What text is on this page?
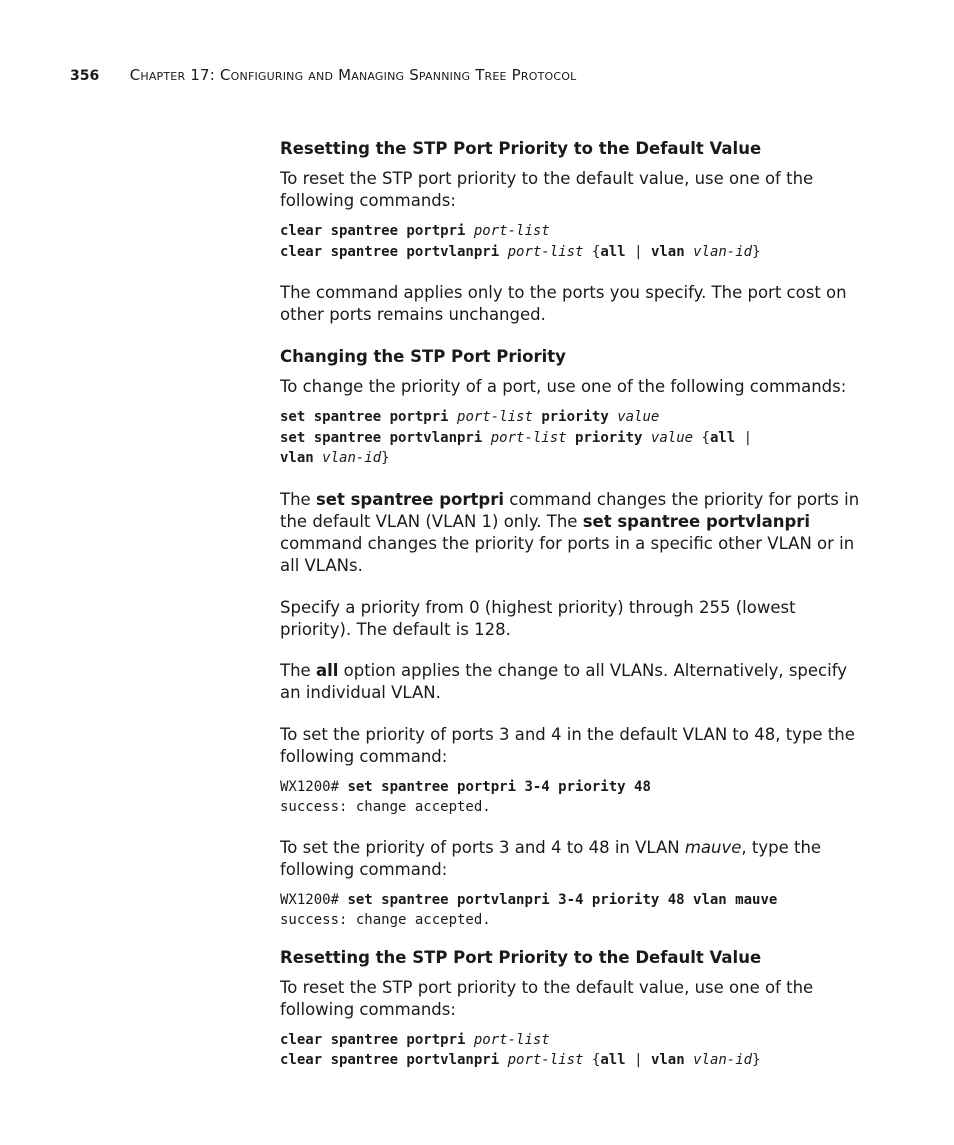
356 Chapter 17: Configuring and Managing Spanning Tree Protocol
Resetting the STP Port Priority to the Default Value

To reset the STP port priority to the default value, use one of the following commands:

clear spantree portpri port-list
clear spantree portvlanpri port-list {all | vlan vlan-id}

The command applies only to the ports you specify. The port cost on other ports remains unchanged.

Changing the STP Port Priority

To change the priority of a port, use one of the following commands:

set spantree portpri port-list priority value
set spantree portvlanpri port-list priority value {all |
vlan vlan-id}

The set spantree portpri command changes the priority for ports in the default VLAN (VLAN 1) only. The set spantree portvlanpri command changes the priority for ports in a specific other VLAN or in all VLANs.

Specify a priority from 0 (highest priority) through 255 (lowest priority). The default is 128.

The all option applies the change to all VLANs. Alternatively, specify an individual VLAN.

To set the priority of ports 3 and 4 in the default VLAN to 48, type the following command:

WX1200# set spantree portpri 3-4 priority 48
success: change accepted.

To set the priority of ports 3 and 4 to 48 in VLAN mauve, type the following command:

WX1200# set spantree portvlanpri 3-4 priority 48 vlan mauve
success: change accepted.
Resetting the STP Port Priority to the Default Value

To reset the STP port priority to the default value, use one of the following commands:

clear spantree portpri port-list
clear spantree portvlanpri port-list {all | vlan vlan-id}
